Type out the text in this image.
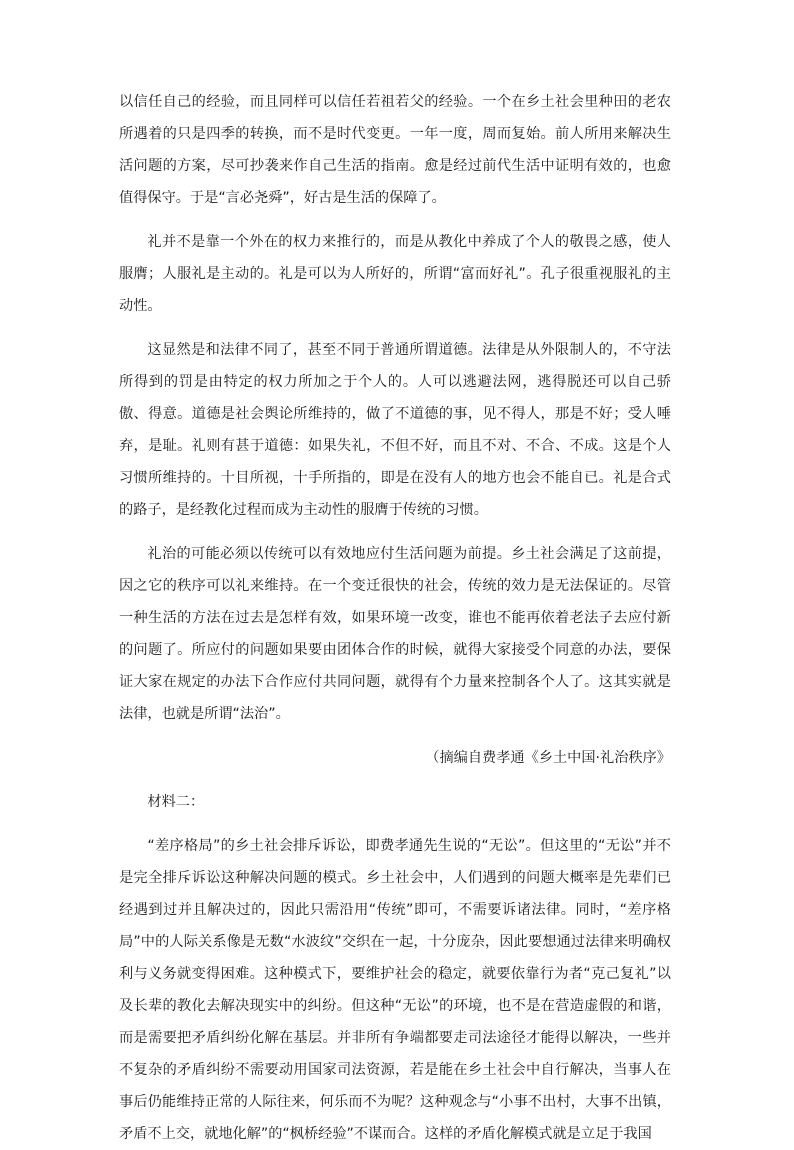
以信任自己的经验，而且同样可以信任若祖若父的经验。一个在乡土社会里种田的老农所遇着的只是四季的转换，而不是时代变更。一年一度，周而复始。前人所用来解决生活问题的方案，尽可抄袭来作自己生活的指南。愈是经过前代生活中证明有效的，也愈值得保守。于是“言必尧舜”，好古是生活的保障了。

礼并不是靠一个外在的权力来推行的，而是从教化中养成了个人的敬畏之感，使人服膺；人服礼是主动的。礼是可以为人所好的，所谓“富而好礼”。孔子很重视服礼的主动性。

这显然是和法律不同了，甚至不同于普通所谓道德。法律是从外限制人的，不守法所得到的罚是由特定的权力所加之于个人的。人可以逃避法网，逃得脱还可以自己骄傲、得意。道德是社会舆论所维持的，做了不道德的事，见不得人，那是不好；受人唾弃，是耻。礼则有甚于道德：如果失礼，不但不好，而且不对、不合、不成。这是个人习惯所维持的。十目所视，十手所指的，即是在没有人的地方也会不能自已。礼是合式的路子，是经教化过程而成为主动性的服膺于传统的习惯。

礼治的可能必须以传统可以有效地应付生活问题为前提。乡土社会满足了这前提，因之它的秩序可以礼来维持。在一个变迁很快的社会，传统的效力是无法保证的。尽管一种生活的方法在过去是怎样有效，如果环境一改变，谁也不能再依着老法子去应付新的问题了。所应付的问题如果要由团体合作的时候，就得大家接受个同意的办法，要保证大家在规定的办法下合作应付共同问题，就得有个力量来控制各个人了。这其实就是法律，也就是所谓“法治”。

（摘编自费孝通《乡土中国·礼治秩序》

材料二：

“差序格局”的乡土社会排斥诉讼，即费孝通先生说的“无讼”。但这里的“无讼”并不是完全排斥诉讼这种解决问题的模式。乡土社会中，人们遇到的问题大概率是先辈们已经遇到过并且解决过的，因此只需沿用“传统”即可，不需要诉诸法律。同时，“差序格局”中的人际关系像是无数“水波纹”交织在一起，十分庞杂，因此要想通过法律来明确权利与义务就变得困难。这种模式下，要维护社会的稳定，就要依靠行为者“克己复礼”以及长辈的教化去解决现实中的纠纷。但这种“无讼”的环境，也不是在营造虚假的和谐，而是需要把矛盾纠纷化解在基层。并非所有争端都要走司法途径才能得以解决，一些并不复杂的矛盾纠纷不需要动用国家司法资源，若是能在乡土社会中自行解决，当事人在事后仍能维持正常的人际往来，何乐而不为呢？这种观念与“小事不出村，大事不出镇，矛盾不上交，就地化解”的“枫桥经验”不谋而合。这样的矛盾化解模式就是立足于我国
